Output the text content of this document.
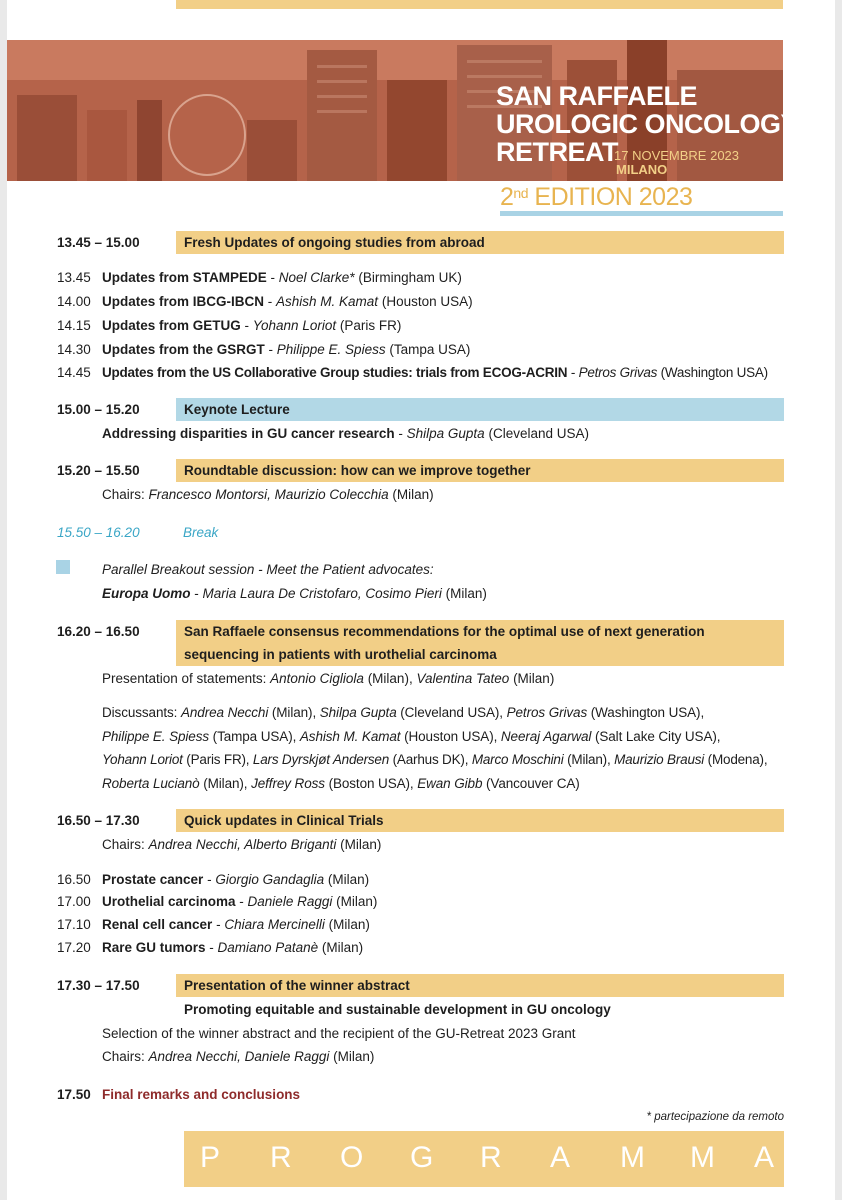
SAN RAFFAELE
UROLOGIC ONCOLOGY
RETREAT
17 NOVEMBRE 2023
MILANO
2nd EDITION 2023
13.45 – 15.00	Fresh Updates of ongoing studies from abroad
13.45 Updates from STAMPEDE - Noel Clarke* (Birmingham UK)
14.00 Updates from IBCG-IBCN - Ashish M. Kamat (Houston USA)
14.15 Updates from GETUG - Yohann Loriot (Paris FR)
14.30 Updates from the GSRGT - Philippe E. Spiess (Tampa USA)
14.45 Updates from the US Collaborative Group studies: trials from ECOG-ACRIN - Petros Grivas (Washington USA)
15.00 – 15.20	Keynote Lecture
Addressing disparities in GU cancer research - Shilpa Gupta (Cleveland USA)
15.20 – 15.50	Roundtable discussion: how can we improve together
Chairs: Francesco Montorsi, Maurizio Colecchia (Milan)
15.50 – 16.20	Break
Parallel Breakout session - Meet the Patient advocates:
Europa Uomo - Maria Laura De Cristofaro, Cosimo Pieri (Milan)
16.20 – 16.50	San Raffaele consensus recommendations for the optimal use of next generation
sequencing in patients with urothelial carcinoma
Presentation of statements: Antonio Cigliola (Milan), Valentina Tateo (Milan)
Discussants: Andrea Necchi (Milan), Shilpa Gupta (Cleveland USA), Petros Grivas (Washington USA),
Philippe E. Spiess (Tampa USA), Ashish M. Kamat (Houston USA), Neeraj Agarwal (Salt Lake City USA),
Yohann Loriot (Paris FR), Lars Dyrskjøt Andersen (Aarhus DK), Marco Moschini (Milan), Maurizio Brausi (Modena),
Roberta Lucianò (Milan), Jeffrey Ross (Boston USA), Ewan Gibb (Vancouver CA)
16.50 – 17.30	Quick updates in Clinical Trials
Chairs: Andrea Necchi, Alberto Briganti (Milan)
16.50 Prostate cancer - Giorgio Gandaglia (Milan)
17.00 Urothelial carcinoma - Daniele Raggi (Milan)
17.10 Renal cell cancer - Chiara Mercinelli (Milan)
17.20 Rare GU tumors - Damiano Patanè (Milan)
17.30 – 17.50	Presentation of the winner abstract
Promoting equitable and sustainable development in GU oncology
Selection of the winner abstract and the recipient of the GU-Retreat 2023 Grant
Chairs: Andrea Necchi, Daniele Raggi (Milan)
17.50 Final remarks and conclusions
* partecipazione da remoto
P R O G R A M M A
